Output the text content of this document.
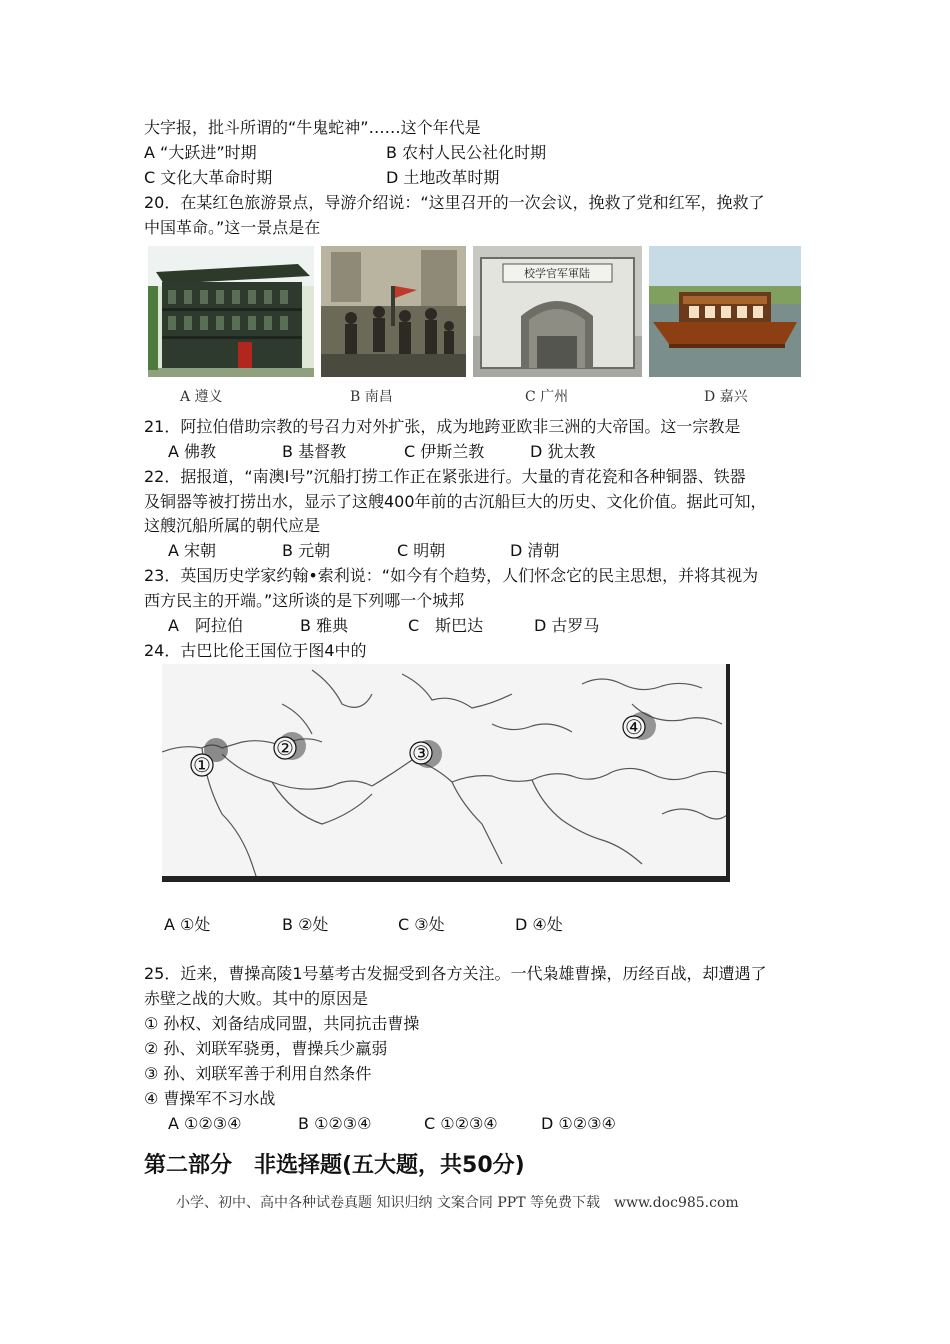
大字报，批斗所谓的“牛鬼蛇神”……这个年代是
A “大跃进”时期	B 农村人民公社化时期
C 文化大革命时期	D 土地改革时期
20．在某红色旅游景点，导游介绍说：“这里召开的一次会议，挽救了党和红军，挽救了
中国革命。”这一景点是在
校学官军軍陆
A 遵义	B 南昌	C 广州	D 嘉兴
21．阿拉伯借助宗教的号召力对外扩张，成为地跨亚欧非三洲的大帝国。这一宗教是
A 佛教	B 基督教	C 伊斯兰教	D 犹太教
22．据报道，“南澳Ⅰ号”沉船打捞工作正在紧张进行。大量的青花瓷和各种铜器、铁器
及铜器等被打捞出水，显示了这艘400年前的古沉船巨大的历史、文化价值。据此可知，
这艘沉船所属的朝代应是
A 宋朝	B 元朝	C 明朝	D 清朝
23．英国历史学家约翰•索利说：“如今有个趋势，人们怀念它的民主思想，并将其视为
西方民主的开端。”这所谈的是下列哪一个城邦
A　阿拉伯	B 雅典	C　斯巴达	D 古罗马
24．古巴比伦王国位于图4中的
①
②	③
④
A ①处	B ②处	C ③处	D ④处
25．近来，曹操高陵1号墓考古发掘受到各方关注。一代枭雄曹操，历经百战，却遭遇了
赤壁之战的大败。其中的原因是
① 孙权、刘备结成同盟，共同抗击曹操
② 孙、刘联军骁勇，曹操兵少羸弱
③ 孙、刘联军善于利用自然条件
④ 曹操军不习水战
A ①②③④	B ①②③④	C ①②③④	D ①②③④
第二部分　非选择题(五大题，共50分)
小学、初中、高中各种试卷真题 知识归纳 文案合同 PPT 等免费下载　www.doc985.com
